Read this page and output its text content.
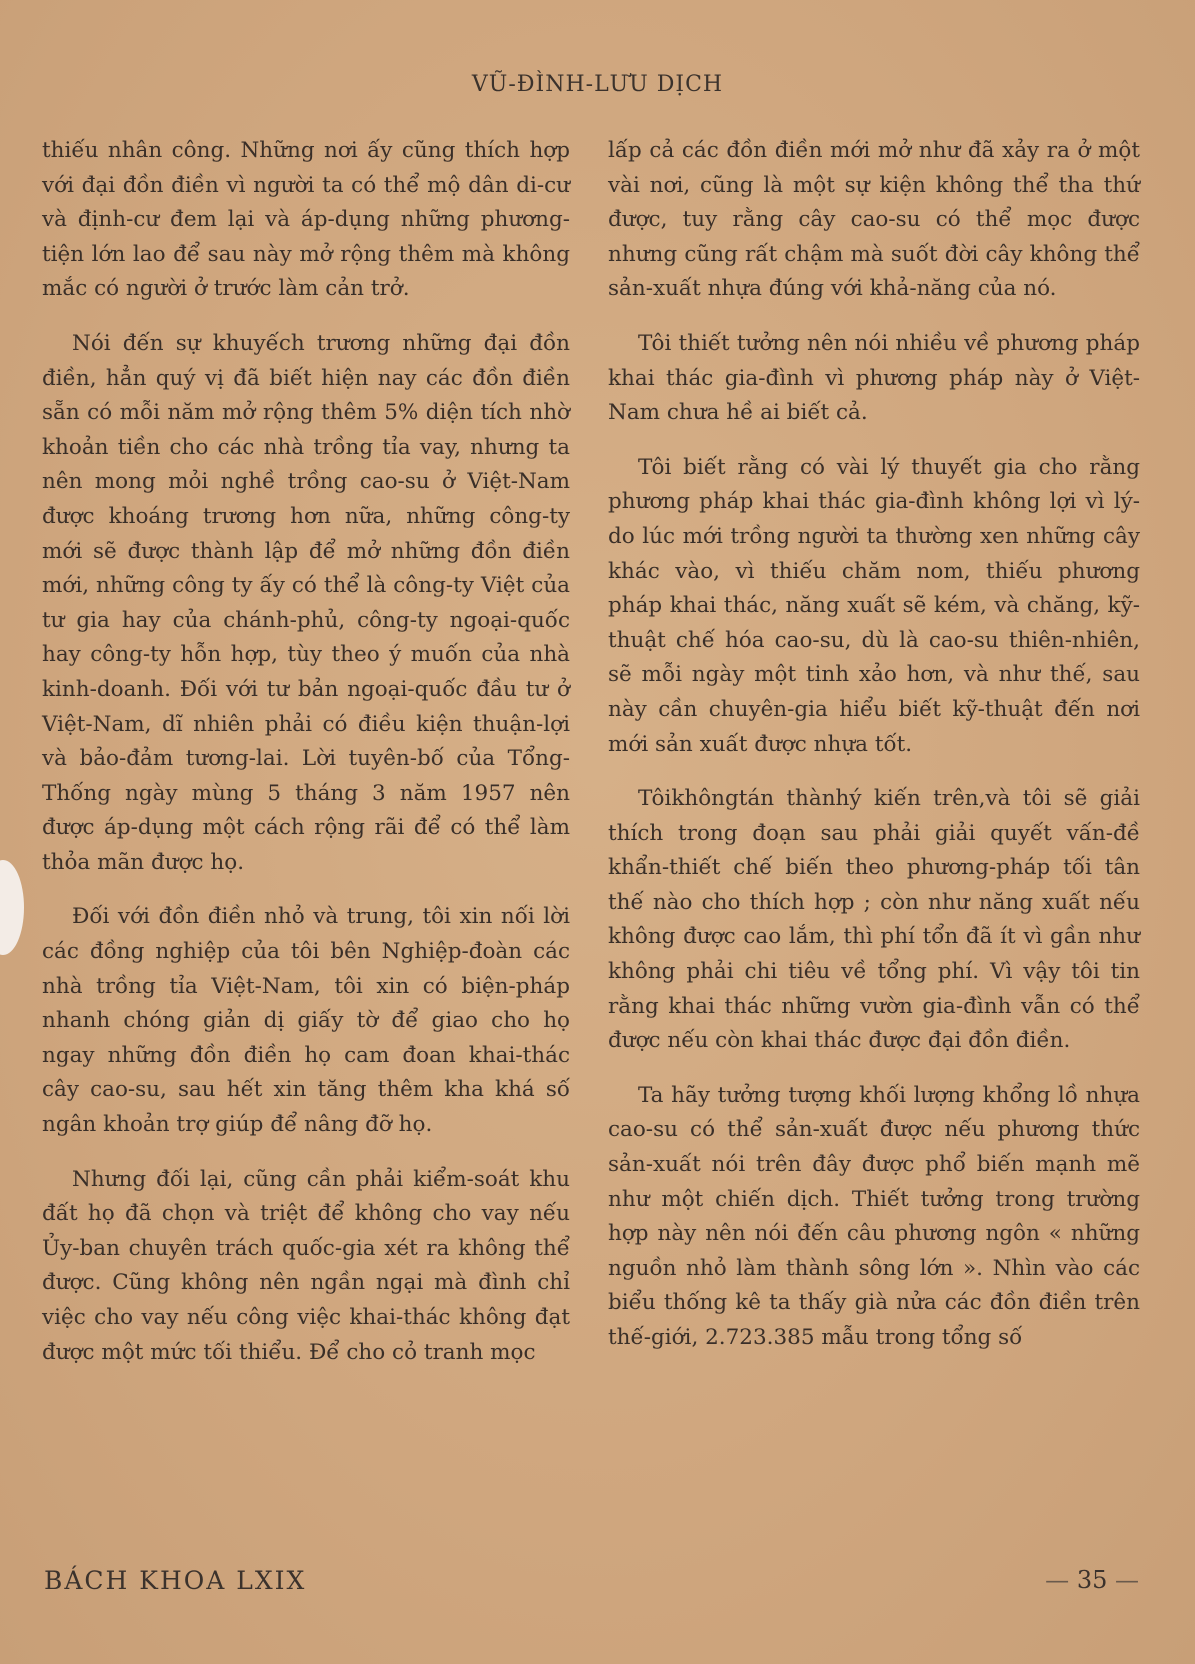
VŨ-ĐÌNH-LƯU DỊCH

thiếu nhân công. Những nơi ấy cũng thích hợp với đại đồn điền vì người ta có thể mộ dân di-cư và định-cư đem lại và áp-dụng những phương-tiện lớn lao để sau này mở rộng thêm mà không mắc có người ở trước làm cản trở.

Nói đến sự khuyếch trương những đại đồn điền, hẳn quý vị đã biết hiện nay các đồn điền sẵn có mỗi năm mở rộng thêm 5% diện tích nhờ khoản tiền cho các nhà trồng tỉa vay, nhưng ta nên mong mỏi nghề trồng cao-su ở Việt-Nam được khoáng trương hơn nữa, những công-ty mới sẽ được thành lập để mở những đồn điền mới, những công ty ấy có thể là công-ty Việt của tư gia hay của chánh-phủ, công-ty ngoại-quốc hay công-ty hỗn hợp, tùy theo ý muốn của nhà kinh-doanh. Đối với tư bản ngoại-quốc đầu tư ở Việt-Nam, dĩ nhiên phải có điều kiện thuận-lợi và bảo-đảm tương-lai. Lời tuyên-bố của Tổng-Thống ngày mùng 5 tháng 3 năm 1957 nên được áp-dụng một cách rộng rãi để có thể làm thỏa mãn được họ.

Đối với đồn điền nhỏ và trung, tôi xin nối lời các đồng nghiệp của tôi bên Nghiệp-đoàn các nhà trồng tỉa Việt-Nam, tôi xin có biện-pháp nhanh chóng giản dị giấy tờ để giao cho họ ngay những đồn điền họ cam đoan khai-thác cây cao-su, sau hết xin tăng thêm kha khá số ngân khoản trợ giúp để nâng đỡ họ.

Nhưng đối lại, cũng cần phải kiểm-soát khu đất họ đã chọn và triệt để không cho vay nếu Ủy-ban chuyên trách quốc-gia xét ra không thể được. Cũng không nên ngần ngại mà đình chỉ việc cho vay nếu công việc khai-thác không đạt được một mức tối thiểu. Để cho cỏ tranh mọc

lấp cả các đồn điền mới mở như đã xảy ra ở một vài nơi, cũng là một sự kiện không thể tha thứ được, tuy rằng cây cao-su có thể mọc được nhưng cũng rất chậm mà suốt đời cây không thể sản-xuất nhựa đúng với khả-năng của nó.

Tôi thiết tưởng nên nói nhiều về phương pháp khai thác gia-đình vì phương pháp này ở Việt-Nam chưa hề ai biết cả.

Tôi biết rằng có vài lý thuyết gia cho rằng phương pháp khai thác gia-đình không lợi vì lý-do lúc mới trồng người ta thường xen những cây khác vào, vì thiếu chăm nom, thiếu phương pháp khai thác, năng xuất sẽ kém, và chăng, kỹ-thuật chế hóa cao-su, dù là cao-su thiên-nhiên, sẽ mỗi ngày một tinh xảo hơn, và như thế, sau này cần chuyên-gia hiểu biết kỹ-thuật đến nơi mới sản xuất được nhựa tốt.

Tôikhôngtán thànhý kiến trên,và tôi sẽ giải thích trong đoạn sau phải giải quyết vấn-đề khẩn-thiết chế biến theo phương-pháp tối tân thế nào cho thích hợp ; còn như năng xuất nếu không được cao lắm, thì phí tổn đã ít vì gần như không phải chi tiêu về tổng phí. Vì vậy tôi tin rằng khai thác những vườn gia-đình vẫn có thể được nếu còn khai thác được đại đồn điền.

Ta hãy tưởng tượng khối lượng khổng lồ nhựa cao-su có thể sản-xuất được nếu phương thức sản-xuất nói trên đây được phổ biến mạnh mẽ như một chiến dịch. Thiết tưởng trong trường hợp này nên nói đến câu phương ngôn « những nguồn nhỏ làm thành sông lớn ». Nhìn vào các biểu thống kê ta thấy già nửa các đồn điền trên thế-giới, 2.723.385 mẫu trong tổng số

BÁCH KHOA LXIX	— 35 —
